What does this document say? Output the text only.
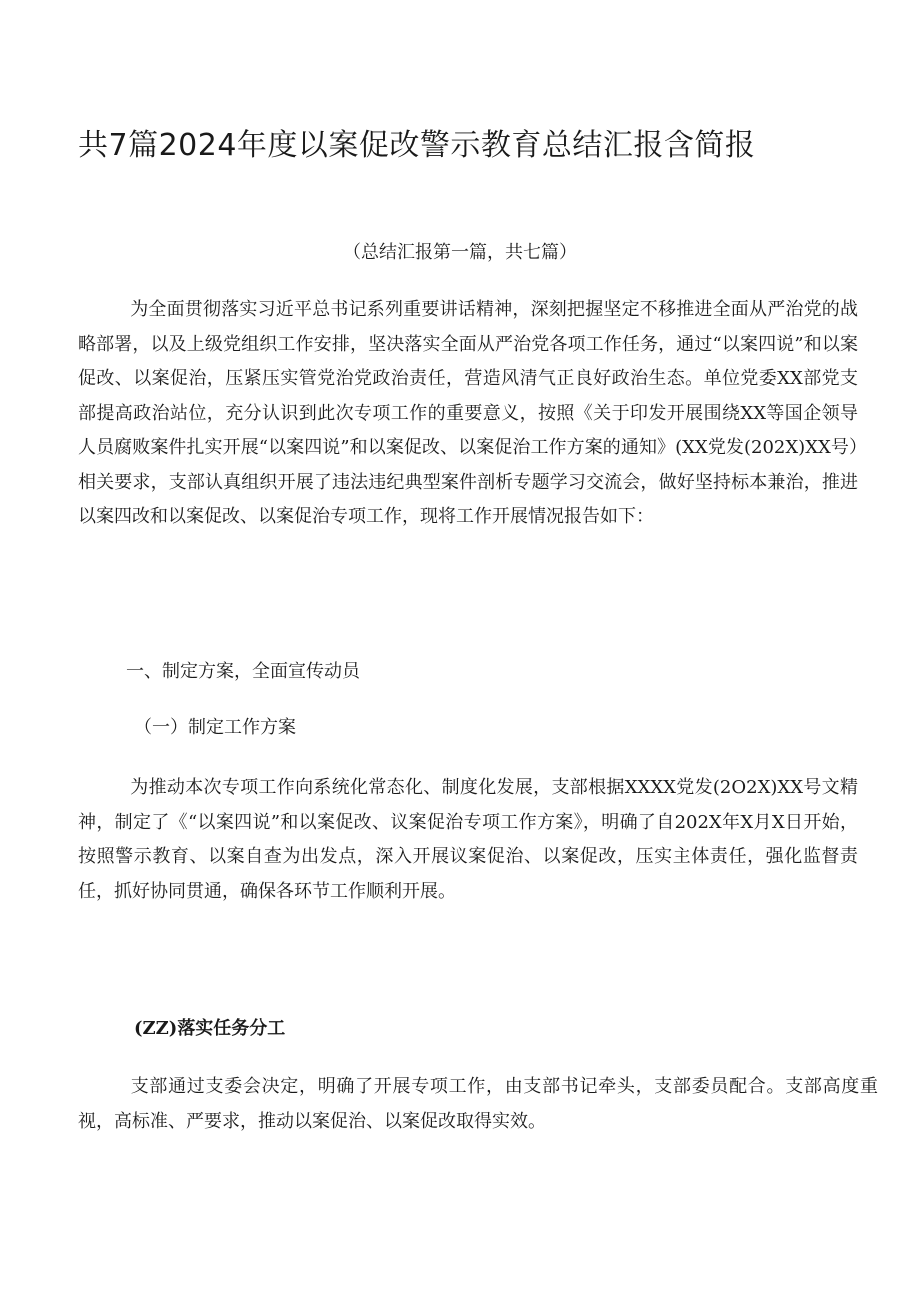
共7篇2024年度以案促改警示教育总结汇报含简报

（总结汇报第一篇，共七篇）

为全面贯彻落实习近平总书记系列重要讲话精神，深刻把握坚定不移推进全面从严治党的战略部署，以及上级党组织工作安排，坚决落实全面从严治党各项工作任务，通过“以案四说”和以案促改、以案促治，压紧压实管党治党政治责任，营造风清气正良好政治生态。单位党委XX部党支部提高政治站位，充分认识到此次专项工作的重要意义，按照《关于印发开展围绕XX等国企领导人员腐败案件扎实开展“以案四说”和以案促改、以案促治工作方案的通知》(XX党发(202X)XX号）相关要求，支部认真组织开展了违法违纪典型案件剖析专题学习交流会，做好坚持标本兼治，推进以案四改和以案促改、以案促治专项工作，现将工作开展情况报告如下：

一、制定方案，全面宣传动员

（一）制定工作方案

为推动本次专项工作向系统化常态化、制度化发展，支部根据XXXX党发(2O2X)XX号文精神，制定了《“以案四说”和以案促改、议案促治专项工作方案》，明确了自202X年X月X日开始，按照警示教育、以案自查为出发点，深入开展议案促治、以案促改，压实主体责任，强化监督责任，抓好协同贯通，确保各环节工作顺利开展。

(ZZ)落实任务分工

支部通过支委会决定，明确了开展专项工作，由支部书记牵头，支部委员配合。支部高度重视，高标准、严要求，推动以案促治、以案促改取得实效。
